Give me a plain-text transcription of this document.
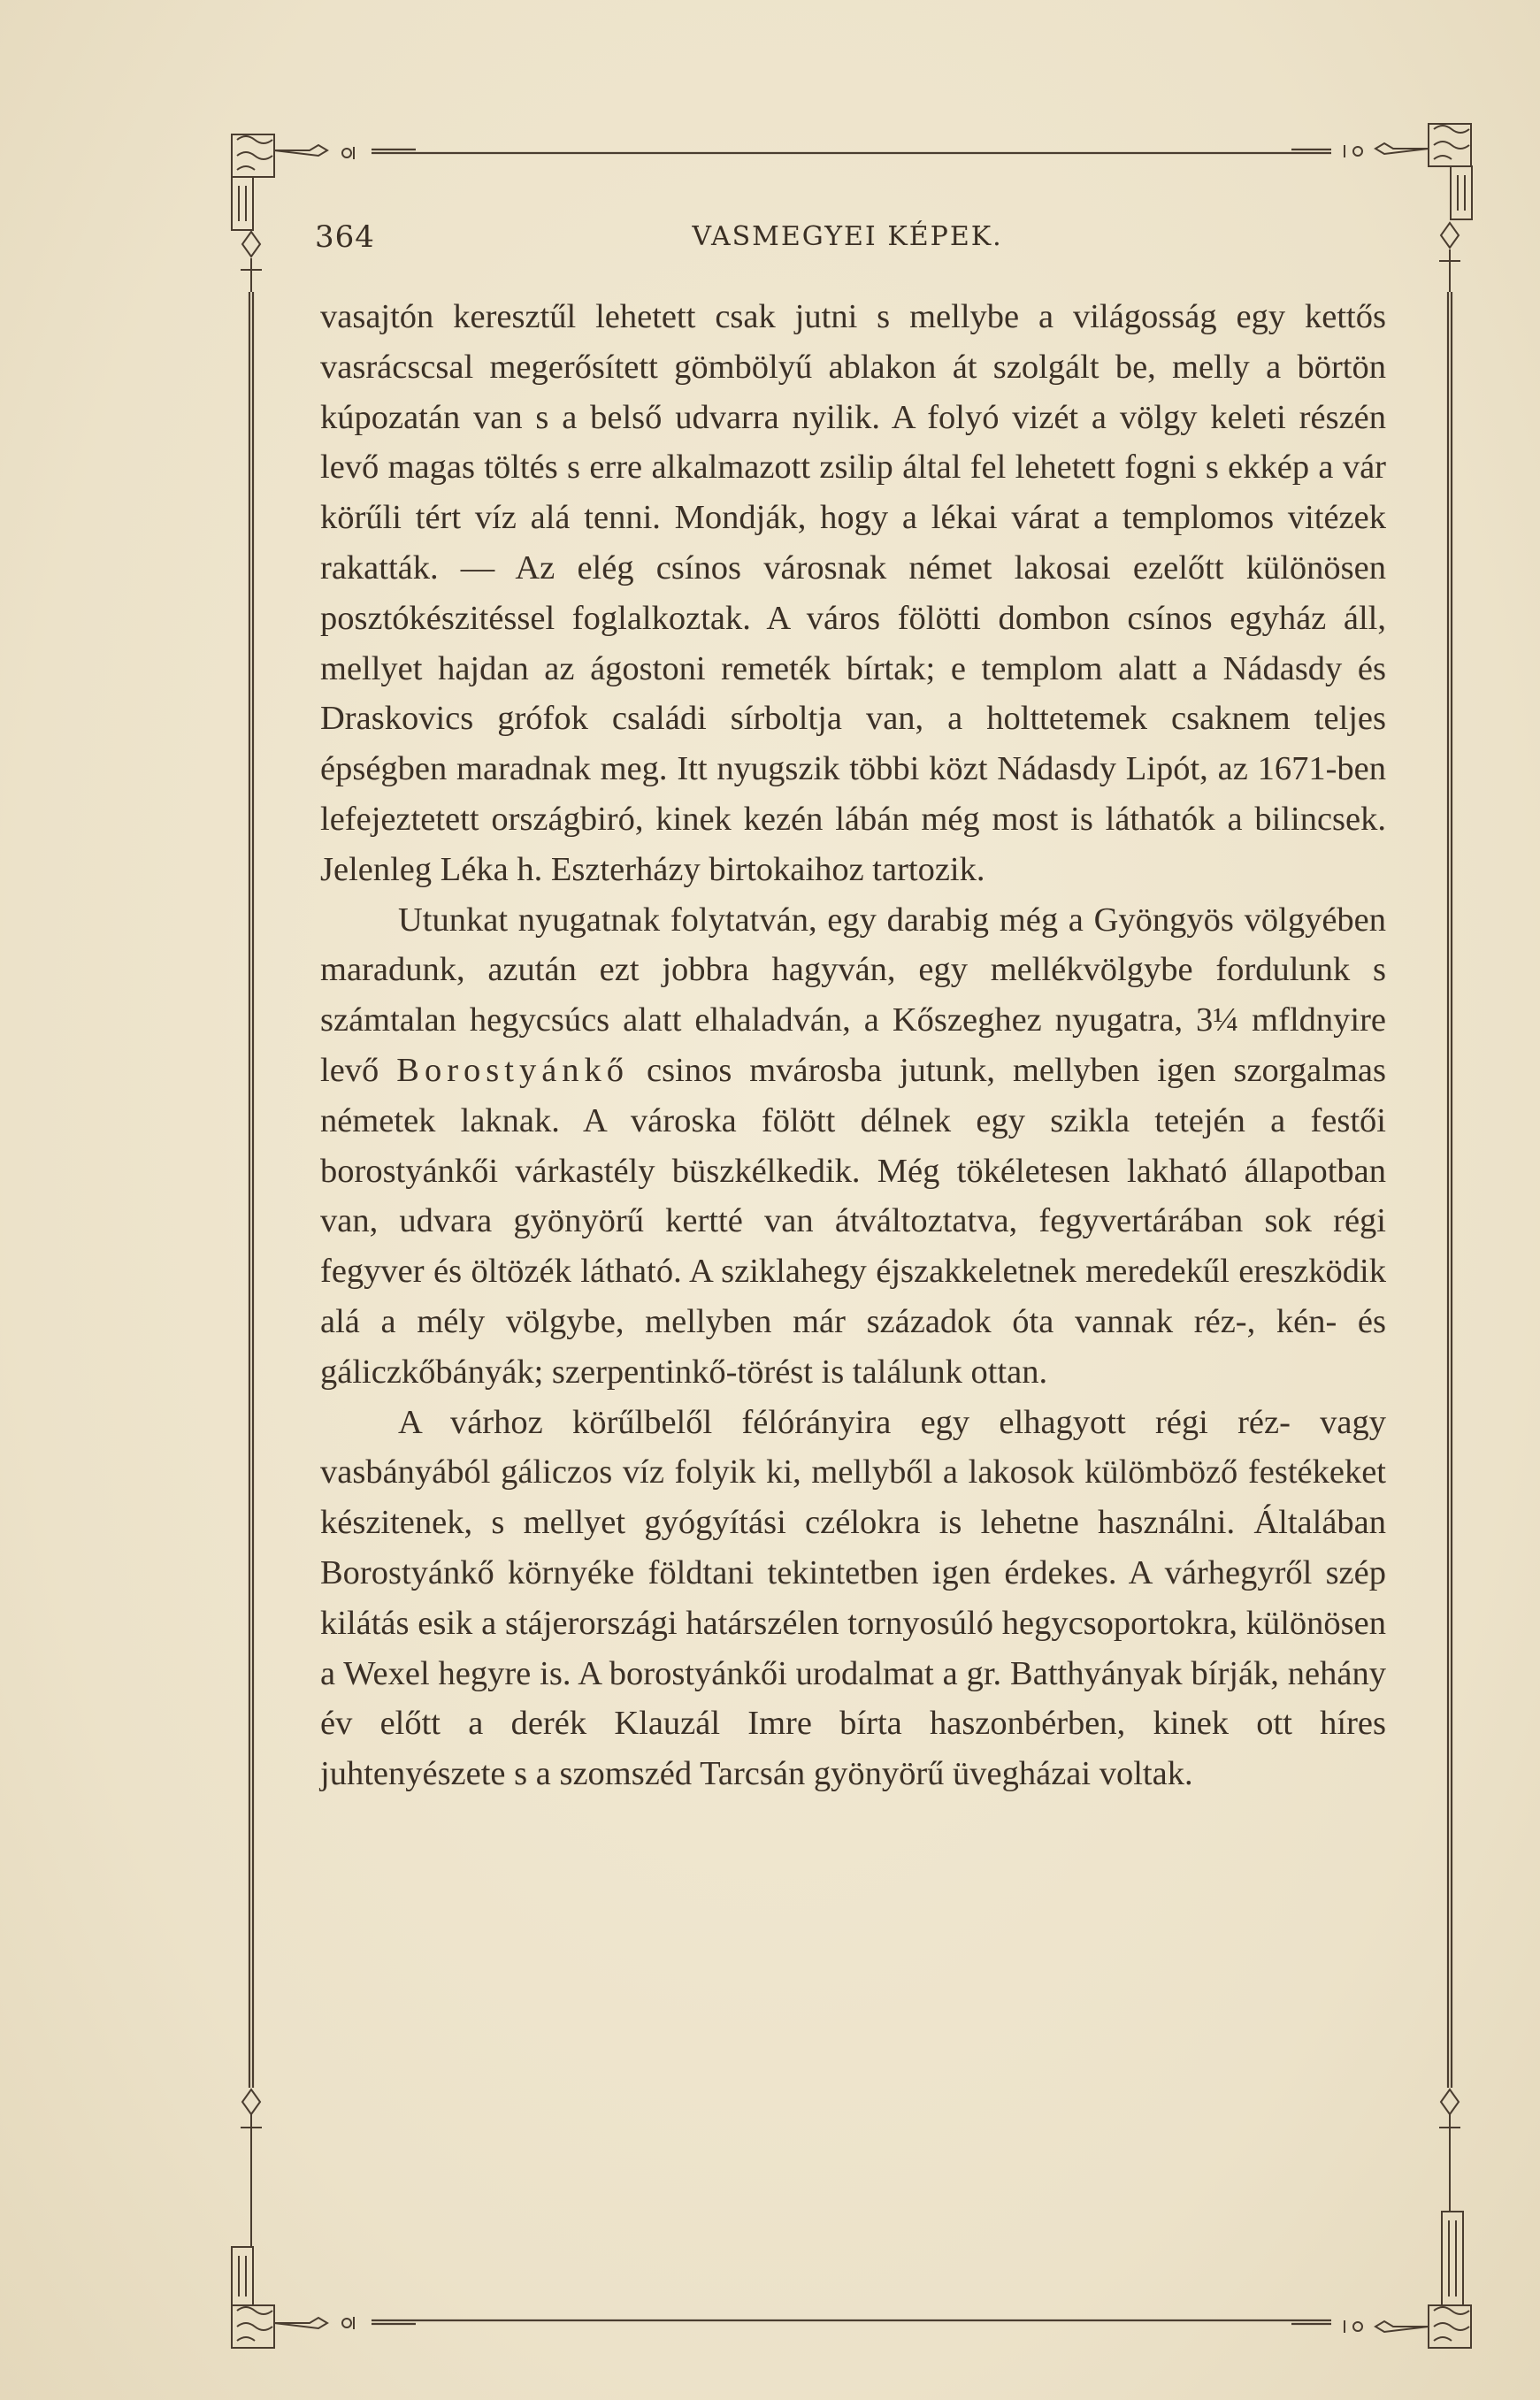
364	VASMEGYEI KÉPEK.

vasajtón keresztűl lehetett csak jutni s mellybe a világosság egy kettős vasrácscsal megerősített gömbölyű ablakon át szolgált be, melly a börtön kúpozatán van s a belső udvarra nyilik. A folyó vizét a völgy keleti részén levő magas töltés s erre alkalmazott zsilip által fel lehetett fogni s ekkép a vár körűli tért víz alá tenni. Mondják, hogy a lékai várat a templomos vitézek rakatták. — Az elég csínos városnak német lakosai ezelőtt különösen posztókészitéssel foglalkoztak. A város fölötti dombon csínos egyház áll, mellyet hajdan az ágostoni remeték bírtak; e templom alatt a Nádasdy és Draskovics grófok családi sírboltja van, a holttetemek csaknem teljes épségben maradnak meg. Itt nyugszik többi közt Nádasdy Lipót, az 1671-ben lefejeztetett országbiró, kinek kezén lábán még most is láthatók a bilincsek. Jelenleg Léka h. Eszterházy birtokaihoz tartozik.

Utunkat nyugatnak folytatván, egy darabig még a Gyöngyös völgyében maradunk, azután ezt jobbra hagyván, egy mellékvölgybe fordulunk s számtalan hegycsúcs alatt elhaladván, a Kőszeghez nyugatra, 3¼ mfldnyire levő Borostyánkő csinos mvárosba jutunk, mellyben igen szorgalmas németek laknak. A városka fölött délnek egy szikla tetején a festői borostyánkői várkastély büszkélkedik. Még tökéletesen lakható állapotban van, udvara gyönyörű kertté van átváltoztatva, fegyvertárában sok régi fegyver és öltözék látható. A sziklahegy éjszakkeletnek meredekűl ereszködik alá a mély völgybe, mellyben már századok óta vannak réz-, kén- és gáliczkőbányák; szerpentinkő-törést is találunk ottan.

A várhoz körűlbelől félórányira egy elhagyott régi réz- vagy vasbányából gáliczos víz folyik ki, mellyből a lakosok külömböző festékeket készitenek, s mellyet gyógyítási czélokra is lehetne használni. Általában Borostyánkő környéke földtani tekintetben igen érdekes. A várhegyről szép kilátás esik a stájerországi határszélen tornyosúló hegycsoportokra, különösen a Wexel hegyre is. A borostyánkői urodalmat a gr. Batthyányak bírják, nehány év előtt a derék Klauzál Imre bírta haszonbérben, kinek ott híres juhtenyészete s a szomszéd Tarcsán gyönyörű üvegházai voltak.
